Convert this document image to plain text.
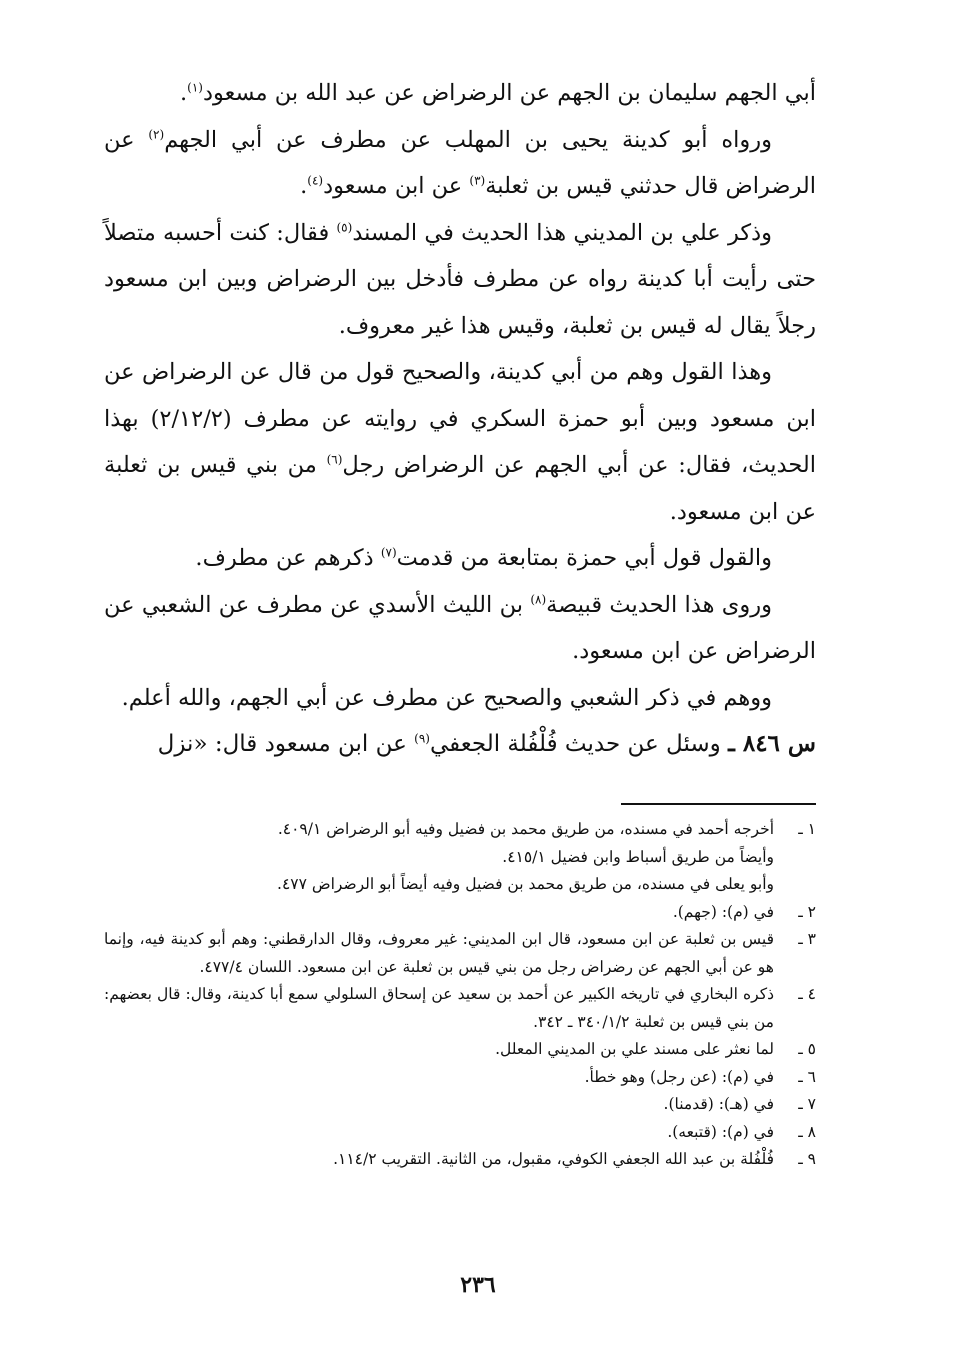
أبي الجهم سليمان بن الجهم عن الرضراض عن عبد الله بن مسعود$^{(١)}$.

ورواه أبو كدينة يحيى بن المهلب عن مطرف عن أبي الجهم$^{(٢)}$ عن الرضراض قال حدثني قيس بن ثعلبة$^{(٣)}$ عن ابن مسعود$^{(٤)}$.

وذكر علي بن المديني هذا الحديث في المسند$^{(٥)}$ فقال: كنت أحسبه متصلاً حتى رأيت أبا كدينة رواه عن مطرف فأدخل بين الرضراض وبين ابن مسعود رجلاً يقال له قيس بن ثعلبة، وقيس هذا غير معروف.

وهذا القول وهم من أبي كدينة، والصحيح قول من قال عن الرضراض عن ابن مسعود وبين أبو حمزة السكري في روايته عن مطرف (٢/١٢/٢) بهذا الحديث، فقال: عن أبي الجهم عن الرضراض رجل$^{(٦)}$ من بني قيس بن ثعلبة عن ابن مسعود.

والقول قول أبي حمزة بمتابعة من قدمت$^{(٧)}$ ذكرهم عن مطرف.

وروى هذا الحديث قبيصة$^{(٨)}$ بن الليث الأسدي عن مطرف عن الشعبي عن الرضراض عن ابن مسعود.

ووهم في ذكر الشعبي والصحيح عن مطرف عن أبي الجهم، والله أعلم.

س ٨٤٦ ـ وسئل عن حديث فُلْفُلة الجعفي$^{(٩)}$ عن ابن مسعود قال: «نزل

١ ـ
أخرجه أحمد في مسنده، من طريق محمد بن فضيل وفيه أبو الرضراض ٤٠٩/١.
وأيضاً من طريق أسباط وابن فضيل ٤١٥/١.
وأبو يعلى في مسنده، من طريق محمد بن فضيل وفيه أيضاً أبو الرضراض ٤٧٧.
٢ ـ
في (م): (جهم).
٣ ـ
قيس بن ثعلبة عن ابن مسعود، قال ابن المديني: غير معروف، وقال الدارقطني: وهم أبو كدينة فيه، وإنما هو عن أبي الجهم عن رضراض رجل من بني قيس بن ثعلبة عن ابن مسعود. اللسان ٤٧٧/٤.
٤ ـ
ذكره البخاري في تاريخه الكبير عن أحمد بن سعيد عن إسحاق السلولي سمع أبا كدينة، وقال: قال بعضهم: من بني قيس بن ثعلبة ٣٤٠/١/٢ ـ ٣٤٢.
٥ ـ
لما نعثر على مسند علي بن المديني المعلل.
٦ ـ
في (م): (عن رجل) وهو خطأ.
٧ ـ
في (هـ): (قدمنا).
٨ ـ
في (م): (قتبعه).
٩ ـ
فُلْفُلة بن عبد الله الجعفي الكوفي، مقبول، من الثانية. التقريب ١١٤/٢.
٢٣٦
